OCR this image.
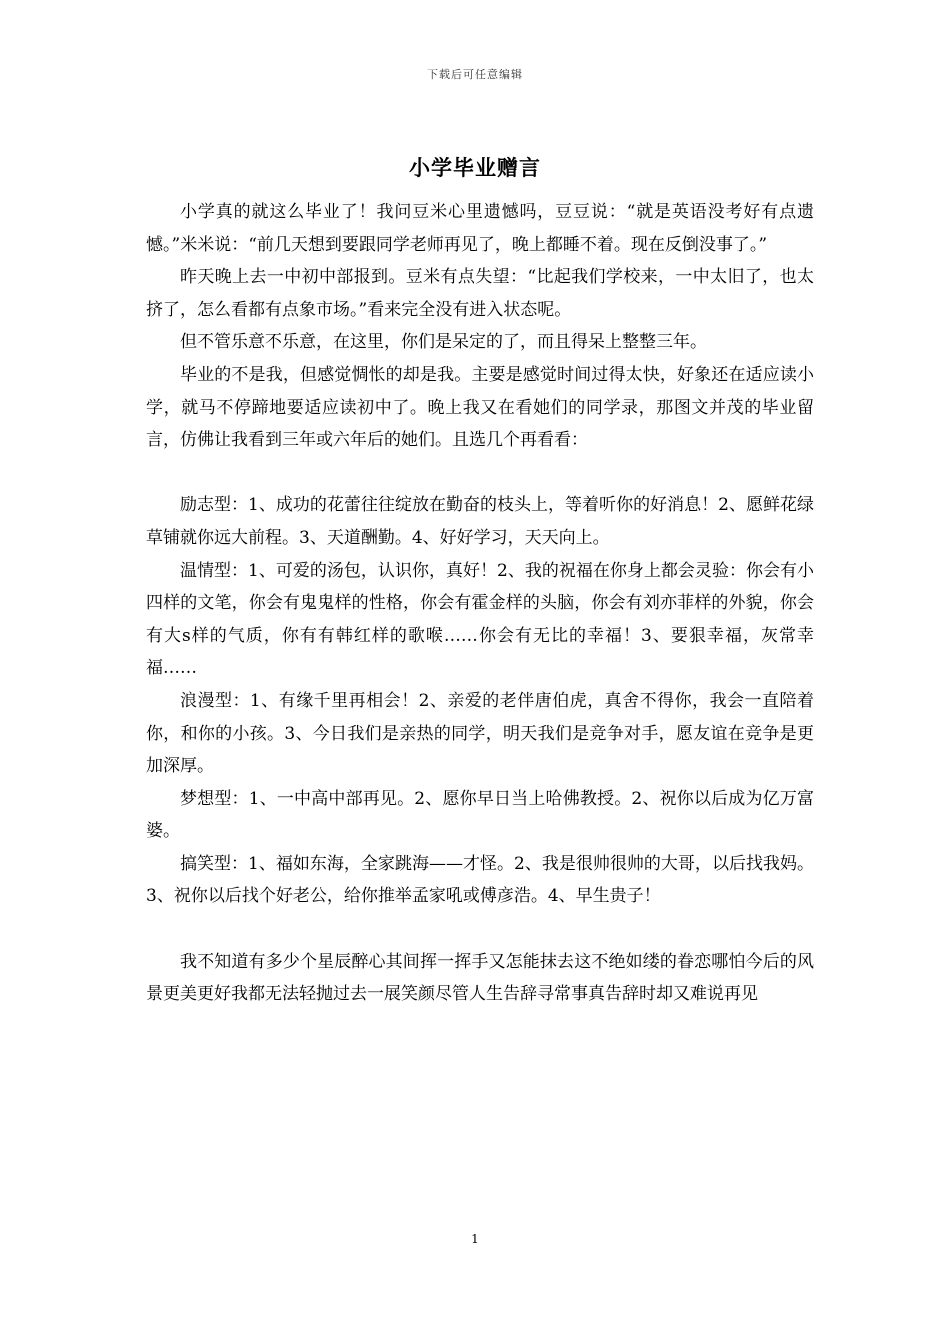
下载后可任意编辑
小学毕业赠言

小学真的就这么毕业了！我问豆米心里遗憾吗，豆豆说：“就是英语没考好有点遗憾。”米米说：“前几天想到要跟同学老师再见了，晚上都睡不着。现在反倒没事了。”

昨天晚上去一中初中部报到。豆米有点失望：“比起我们学校来，一中太旧了，也太挤了，怎么看都有点象市场。”看来完全没有进入状态呢。

但不管乐意不乐意，在这里，你们是呆定的了，而且得呆上整整三年。

毕业的不是我，但感觉惆怅的却是我。主要是感觉时间过得太快，好象还在适应读小学，就马不停蹄地要适应读初中了。晚上我又在看她们的同学录，那图文并茂的毕业留言，仿佛让我看到三年或六年后的她们。且选几个再看看：

励志型：1、成功的花蕾往往绽放在勤奋的枝头上，等着听你的好消息！2、愿鲜花绿草铺就你远大前程。3、天道酬勤。4、好好学习，天天向上。

温情型：1、可爱的汤包，认识你，真好！2、我的祝福在你身上都会灵验：你会有小四样的文笔，你会有鬼鬼样的性格，你会有霍金样的头脑，你会有刘亦菲样的外貌，你会有大s样的气质，你有有韩红样的歌喉……你会有无比的幸福！3、要狠幸福，灰常幸福……

浪漫型：1、有缘千里再相会！2、亲爱的老伴唐伯虎，真舍不得你，我会一直陪着你，和你的小孩。3、今日我们是亲热的同学，明天我们是竞争对手，愿友谊在竞争是更加深厚。

梦想型：1、一中高中部再见。2、愿你早日当上哈佛教授。2、祝你以后成为亿万富婆。

搞笑型：1、福如东海，全家跳海——才怪。2、我是很帅很帅的大哥，以后找我妈。3、祝你以后找个好老公，给你推举孟家吼或傅彦浩。4、早生贵子！

我不知道有多少个星辰醉心其间挥一挥手又怎能抹去这不绝如缕的眷恋哪怕今后的风景更美更好我都无法轻抛过去一展笑颜尽管人生告辞寻常事真告辞时却又难说再见

1
